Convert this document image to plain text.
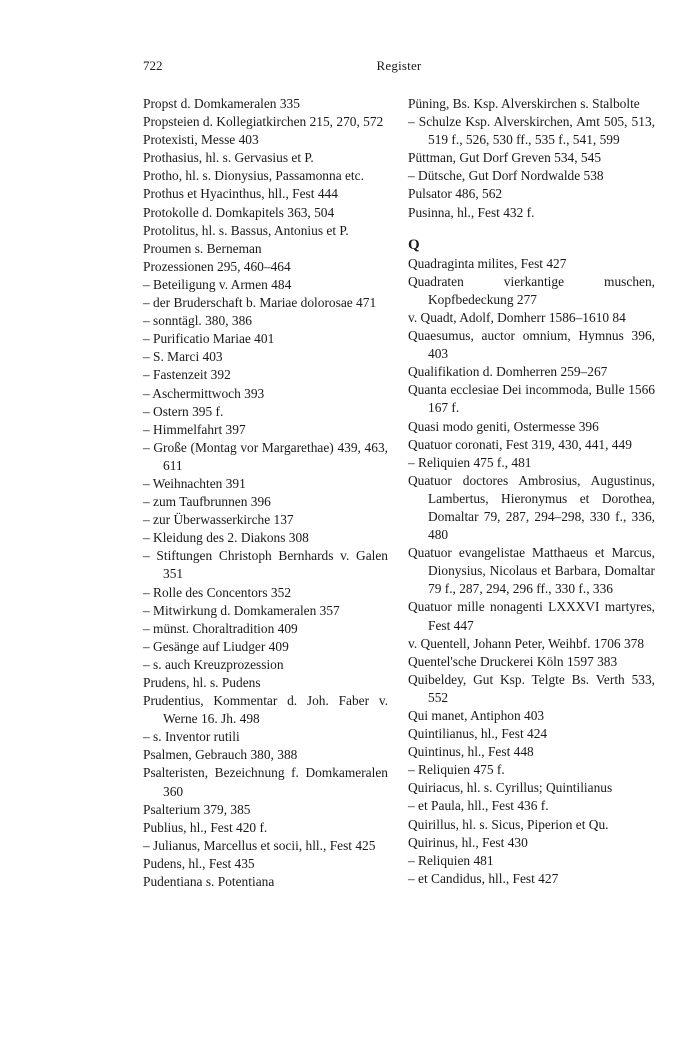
722	Register
Propst d. Domkameralen 335
Propsteien d. Kollegiatkirchen 215, 270, 572
Protexisti, Messe 403
Prothasius, hl. s. Gervasius et P.
Protho, hl. s. Dionysius, Passamonna etc.
Prothus et Hyacinthus, hll., Fest 444
Protokolle d. Domkapitels 363, 504
Protolitus, hl. s. Bassus, Antonius et P.
Proumen s. Berneman
Prozessionen 295, 460–464
– Beteiligung v. Armen 484
– der Bruderschaft b. Mariae dolorosae 471
– sonntägl. 380, 386
– Purificatio Mariae 401
– S. Marci 403
– Fastenzeit 392
– Aschermittwoch 393
– Ostern 395 f.
– Himmelfahrt 397
– Große (Montag vor Margarethae) 439, 463, 611
– Weihnachten 391
– zum Taufbrunnen 396
– zur Überwasserkirche 137
– Kleidung des 2. Diakons 308
– Stiftungen Christoph Bernhards v. Galen 351
– Rolle des Concentors 352
– Mitwirkung d. Domkameralen 357
– münst. Choraltradition 409
– Gesänge auf Liudger 409
– s. auch Kreuzprozession
Prudens, hl. s. Pudens
Prudentius, Kommentar d. Joh. Faber v. Werne 16. Jh. 498
– s. Inventor rutili
Psalmen, Gebrauch 380, 388
Psalteristen, Bezeichnung f. Domkameralen 360
Psalterium 379, 385
Publius, hl., Fest 420 f.
– Julianus, Marcellus et socii, hll., Fest 425
Pudens, hl., Fest 435
Pudentiana s. Potentiana
Püning, Bs. Ksp. Alverskirchen s. Stalbolte
– Schulze Ksp. Alverskirchen, Amt 505, 513, 519 f., 526, 530 ff., 535 f., 541, 599
Püttman, Gut Dorf Greven 534, 545
– Dütsche, Gut Dorf Nordwalde 538
Pulsator 486, 562
Pusinna, hl., Fest 432 f.
Q
Quadraginta milites, Fest 427
Quadraten vierkantige muschen, Kopfbedeckung 277
v. Quadt, Adolf, Domherr 1586–1610 84
Quaesumus, auctor omnium, Hymnus 396, 403
Qualifikation d. Domherren 259–267
Quanta ecclesiae Dei incommoda, Bulle 1566 167 f.
Quasi modo geniti, Ostermesse 396
Quatuor coronati, Fest 319, 430, 441, 449
– Reliquien 475 f., 481
Quatuor doctores Ambrosius, Augustinus, Lambertus, Hieronymus et Dorothea, Domaltar 79, 287, 294–298, 330 f., 336, 480
Quatuor evangelistae Matthaeus et Marcus, Dionysius, Nicolaus et Barbara, Domaltar 79 f., 287, 294, 296 ff., 330 f., 336
Quatuor mille nonagenti LXXXVI martyres, Fest 447
v. Quentell, Johann Peter, Weihbf. 1706 378
Quentel'sche Druckerei Köln 1597 383
Quibeldey, Gut Ksp. Telgte Bs. Verth 533, 552
Qui manet, Antiphon 403
Quintilianus, hl., Fest 424
Quintinus, hl., Fest 448
– Reliquien 475 f.
Quiriacus, hl. s. Cyrillus; Quintilianus
– et Paula, hll., Fest 436 f.
Quirillus, hl. s. Sicus, Piperion et Qu.
Quirinus, hl., Fest 430
– Reliquien 481
– et Candidus, hll., Fest 427
